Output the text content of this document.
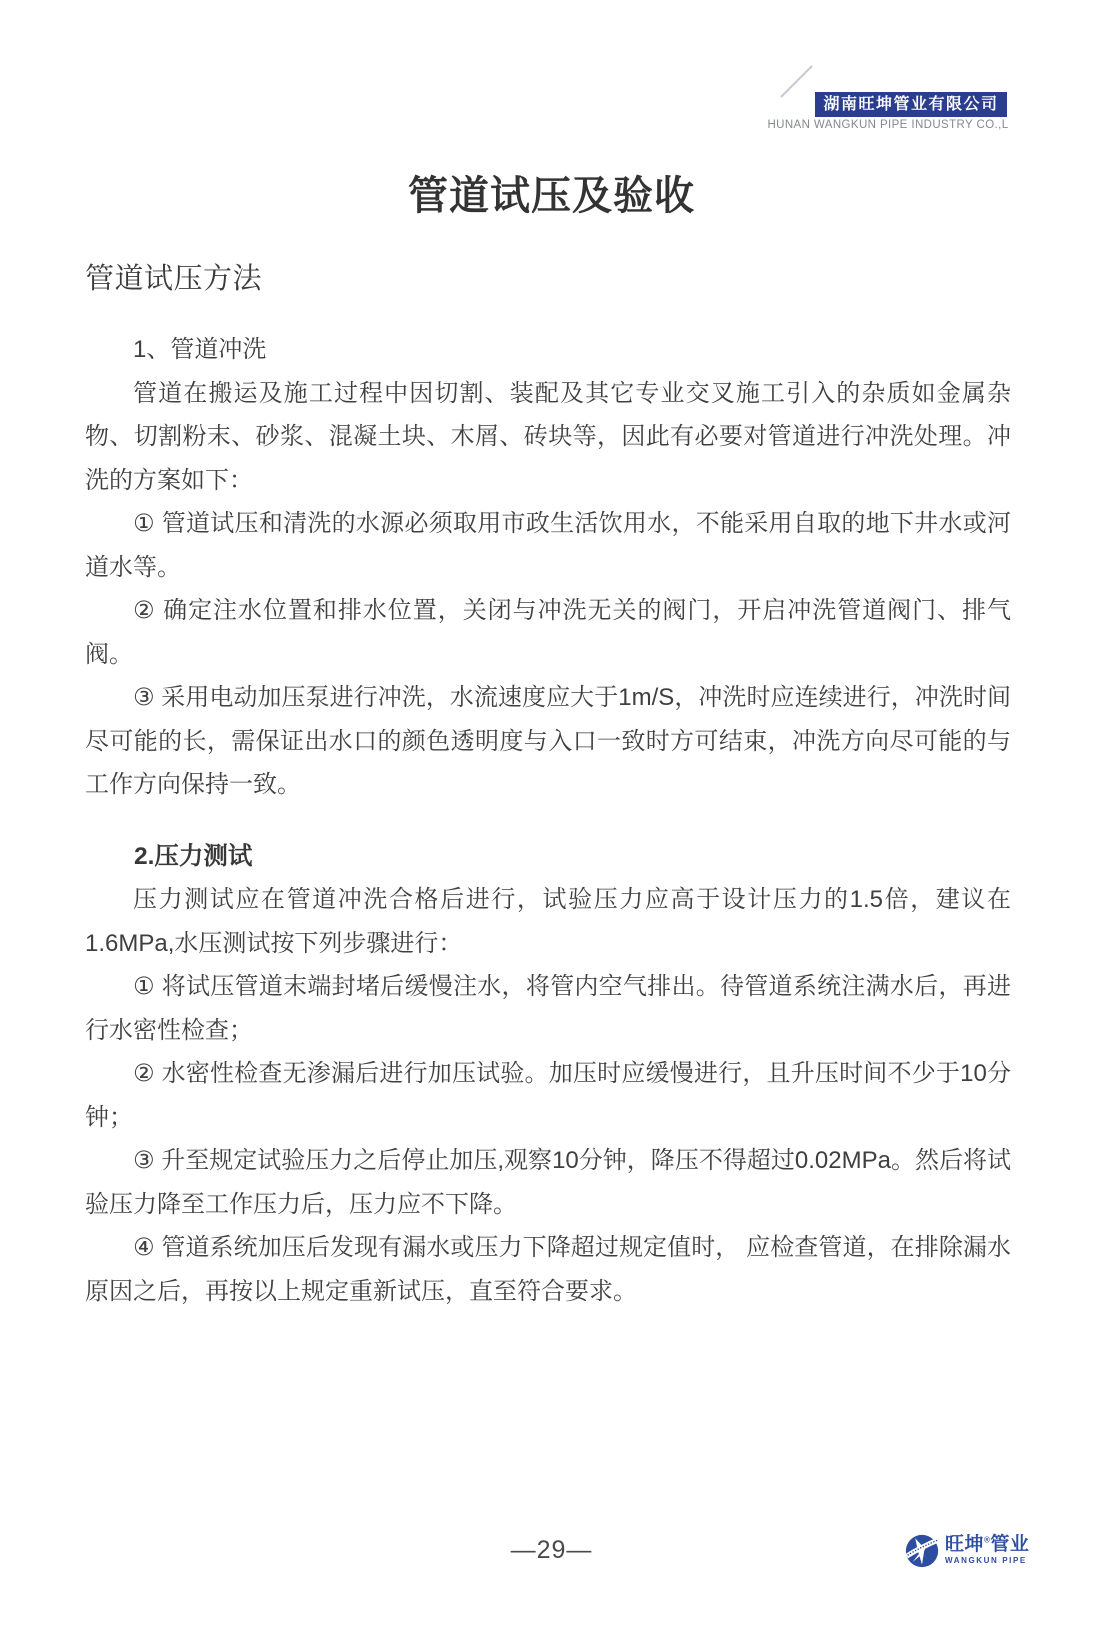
湖南旺坤管业有限公司
HUNAN WANGKUN PIPE INDUSTRY CO.,L
管道试压及验收
管道试压方法

1、管道冲洗

管道在搬运及施工过程中因切割、装配及其它专业交叉施工引入的杂质如金属杂物、切割粉末、砂浆、混凝土块、木屑、砖块等，因此有必要对管道进行冲洗处理。冲洗的方案如下：

① 管道试压和清洗的水源必须取用市政生活饮用水，不能采用自取的地下井水或河道水等。

② 确定注水位置和排水位置，关闭与冲洗无关的阀门，开启冲洗管道阀门、排气阀。

③ 采用电动加压泵进行冲洗，水流速度应大于1m/S，冲洗时应连续进行，冲洗时间尽可能的长，需保证出水口的颜色透明度与入口一致时方可结束，冲洗方向尽可能的与工作方向保持一致。

2.压力测试

压力测试应在管道冲洗合格后进行，试验压力应高于设计压力的1.5倍，建议在1.6MPa,水压测试按下列步骤进行：

① 将试压管道末端封堵后缓慢注水，将管内空气排出。待管道系统注满水后，再进行水密性检查；

② 水密性检查无渗漏后进行加压试验。加压时应缓慢进行，且升压时间不少于10分钟；

③ 升至规定试验压力之后停止加压,观察10分钟，降压不得超过0.02MPa。然后将试验压力降至工作压力后，压力应不下降。

④ 管道系统加压后发现有漏水或压力下降超过规定值时， 应检查管道，在排除漏水原因之后，再按以上规定重新试压，直至符合要求。

—29—	旺坤®管业
WANGKUN PIPE
